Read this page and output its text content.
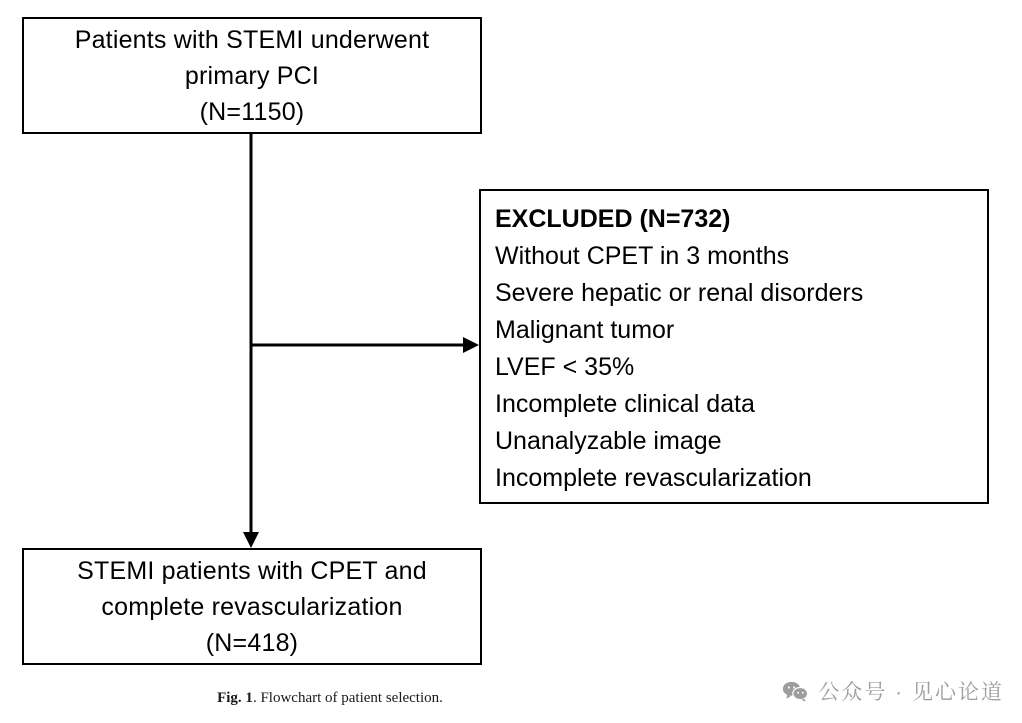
Patients with STEMI underwent
primary PCI
(N=1150)
EXCLUDED (N=732)
Without CPET in 3 months
Severe hepatic or renal disorders
Malignant tumor
LVEF < 35%
Incomplete clinical data
Unanalyzable image
Incomplete revascularization
STEMI patients with CPET and
complete revascularization
(N=418)
Fig. 1. Flowchart of patient selection.	公众号 · 见心论道
